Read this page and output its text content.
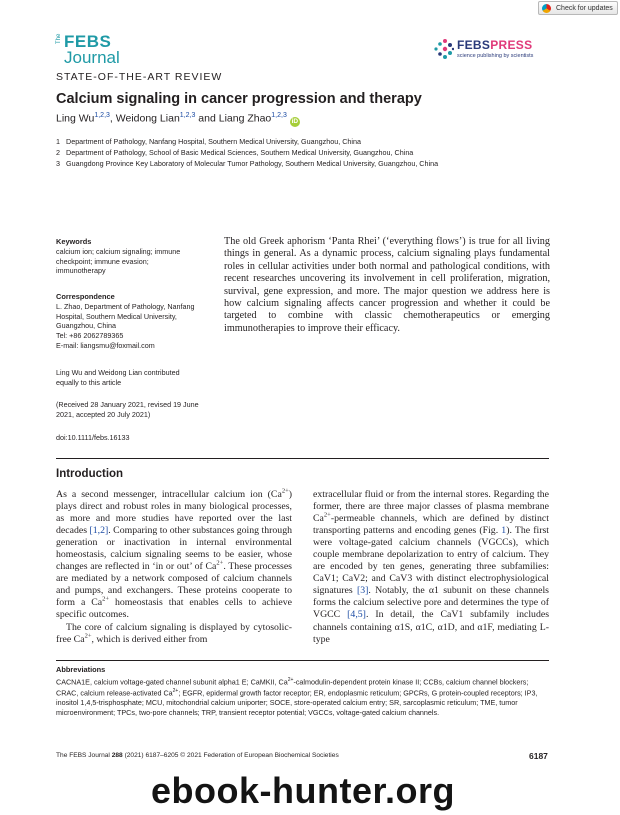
Check for updates
The FEBS
Journal
FEBSPRESS
science publishing by scientists
STATE-OF-THE-ART REVIEW
Calcium signaling in cancer progression and therapy
Ling Wu$^{1,2,3}$, Weidong Lian$^{1,2,3}$ and Liang Zhao$^{1,2,3}$iD
1 Department of Pathology, Nanfang Hospital, Southern Medical University, Guangzhou, China
2 Department of Pathology, School of Basic Medical Sciences, Southern Medical University, Guangzhou, China
3 Guangdong Province Key Laboratory of Molecular Tumor Pathology, Southern Medical University, Guangzhou, China
Keywords
calcium ion; calcium signaling; immune
checkpoint; immune evasion;
immunotherapy
Correspondence
L. Zhao, Department of Pathology, Nanfang
Hospital, Southern Medical University,
Guangzhou, China
Tel: +86 2062789365
E-mail: liangsmu@foxmail.com
Ling Wu and Weidong Lian contributed
equally to this article
(Received 28 January 2021, revised 19 June
2021, accepted 20 July 2021)
doi:10.1111/febs.16133
The old Greek aphorism ‘Panta Rhei’ (‘everything flows’) is true for all living things in general. As a dynamic process, calcium signaling plays fundamental roles in cellular activities under both normal and pathological conditions, with recent researches uncovering its involvement in cell proliferation, migration, survival, gene expression, and more. The major question we address here is how calcium signaling affects cancer progression and whether it could be targeted to combine with classic chemotherapeutics or emerging immunotherapies to improve their efficacy.
Introduction
As a second messenger, intracellular calcium ion $(Ca^{2+})$ plays direct and robust roles in many biological processes, as more and more studies have reported over the last decades [1,2]. Comparing to other substances going through generation or inactivation in internal environmental homeostasis, calcium signaling seems to be easier, whose changes are reflected in ‘in or out’ of $Ca^{2+}$. These processes are mediated by a network composed of calcium channels and pumps, and exchangers. These proteins cooperate to form a $Ca^{2+}$ homeostasis that enables cells to achieve specific outcomes.
The core of calcium signaling is displayed by cytosolic-free $Ca^{2+}$, which is derived either from
extracellular fluid or from the internal stores. Regarding the former, there are three major classes of plasma membrane $Ca^{2+}$-permeable channels, which are defined by distinct transporting patterns and encoding genes (Fig. 1). The first were voltage-gated calcium channels (VGCCs), which couple membrane depolarization to entry of calcium. They are encoded by ten genes, generating three subfamilies: CaV1; CaV2; and CaV3 with distinct electrophysiological signatures [3]. Notably, the α1 subunit on these channels forms the calcium selective pore and determines the type of VGCC [4,5]. In detail, the CaV1 subfamily includes channels containing α1S, α1C, α1D, and α1F, mediating L-type
Abbreviations
CACNA1E, calcium voltage-gated channel subunit alpha1 E; CaMKII, $Ca^{2+}-calmodulin$-dependent protein kinase II; CCBs, calcium channel blockers; CRAC, calcium release-activated $Ca^{2+}$; EGFR, epidermal growth factor receptor; ER, endoplasmic reticulum; GPCRs, G protein-coupled receptors; IP3, inositol 1,4,5-trisphosphate; MCU, mitochondrial calcium uniporter; SOCE, store-operated calcium entry; SR, sarcoplasmic reticulum; TME, tumor microenvironment; TPCs, two-pore channels; TRP, transient receptor potential; VGCCs, voltage-gated calcium channels.
The FEBS Journal 288 (2021) 6187–6205 © 2021 Federation of European Biochemical Societies	6187
ebook-hunter.org
